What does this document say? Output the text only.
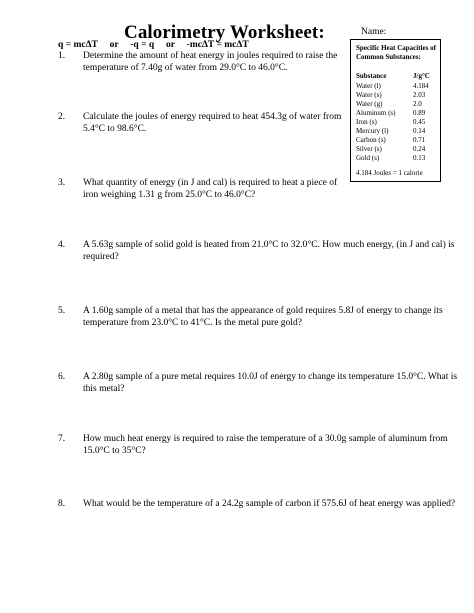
Calorimetry Worksheet:	Name:
q = mcΔT     or     -q = q     or     -mcΔT = mcΔT	Specific Heat Capacities of Common Substances:
Substance	J/g°C
Water (l)	4.184
Water (s)	2.03
Water (g)	2.0
Aluminum (s)	0.89
Iron (s)	0.45
Mercury (l)	0.14
Carbon (s)	0.71
Silver (s)	0.24
Gold (s)	0.13
4.184 Joules = 1 calorie
1. Determine the amount of heat energy in joules required to raise the temperature of 7.40g of water from 29.0°C to 46.0°C.
2. Calculate the joules of energy required to heat 454.3g of water from 5.4°C to 98.6°C.
3. What quantity of energy (in J and cal) is required to heat a piece of iron weighing 1.31 g from 25.0°C to 46.0°C?
4. A 5.63g sample of solid gold is heated from 21.0°C to 32.0°C. How much energy, (in J and cal) is required?
5. A 1.60g sample of a metal that has the appearance of gold requires 5.8J of energy to change its temperature from 23.0°C to 41°C. Is the metal pure gold?
6. A 2.80g sample of a pure metal requires 10.0J of energy to change its temperature 15.0°C. What is this metal?
7. How much heat energy is required to raise the temperature of a 30.0g sample of aluminum from 15.0°C to 35°C?
8. What would be the temperature of a 24.2g sample of carbon if 575.6J of heat energy was applied?
